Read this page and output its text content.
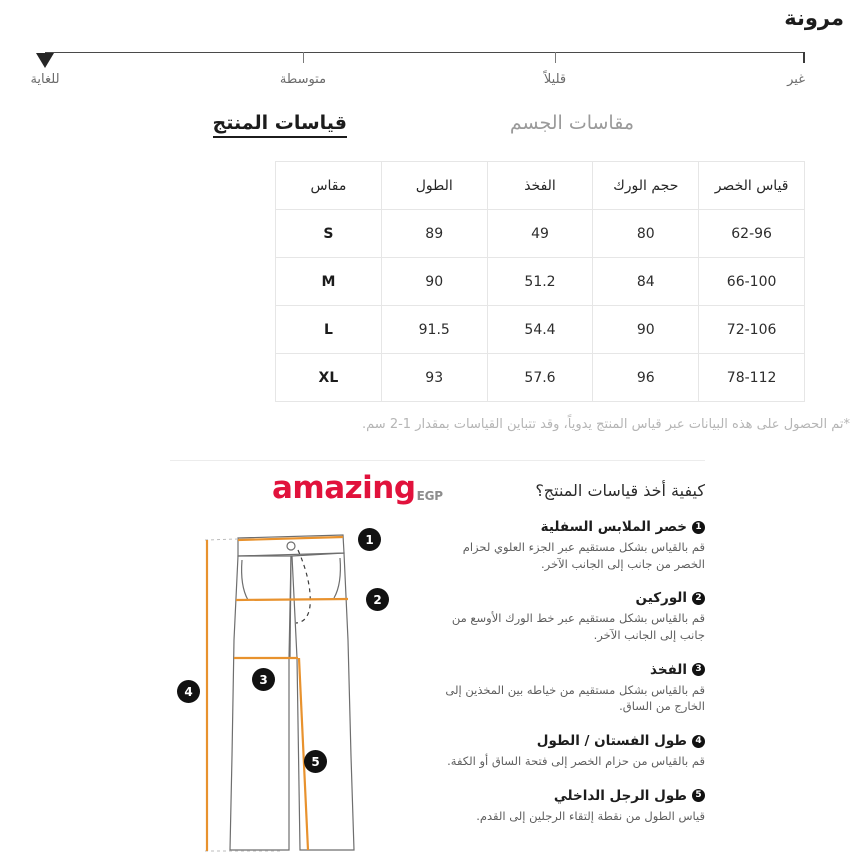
مرونة
للغاية	متوسطة	قليلاً	غير
قياسات المنتج	مقاسات الجسم
قياس الخصر	حجم الورك	الفخذ	الطول	مقاس
62-96	80	49	89	S
66-100	84	51.2	90	M
72-106	90	54.4	91.5	L
78-112	96	57.6	93	XL
*تم الحصول على هذه البيانات عبر قياس المنتج يدوياً، وقد تتباين القياسات بمقدار 1-2 سم.
amazing EGP	كيفية أخذ قياسات المنتج؟
1
خصر الملابس السفلية
قم بالقياس بشكل مستقيم عبر الجزء العلوي لحزام الخصر من جانب إلى الجانب الآخر.
2
الوركين
قم بالقياس بشكل مستقيم عبر خط الورك الأوسع من جانب إلى الجانب الآخر.
3
الفخذ
قم بالقياس بشكل مستقيم من خياطه بين المخذين إلى الخارج من الساق.
4
طول الفستان / الطول
قم بالقياس من حزام الخصر إلى فتحة الساق أو الكفة.
5
طول الرجل الداخلي
قياس الطول من نقطة إلتقاء الرجلين إلى القدم.
1
2
3
4
5
